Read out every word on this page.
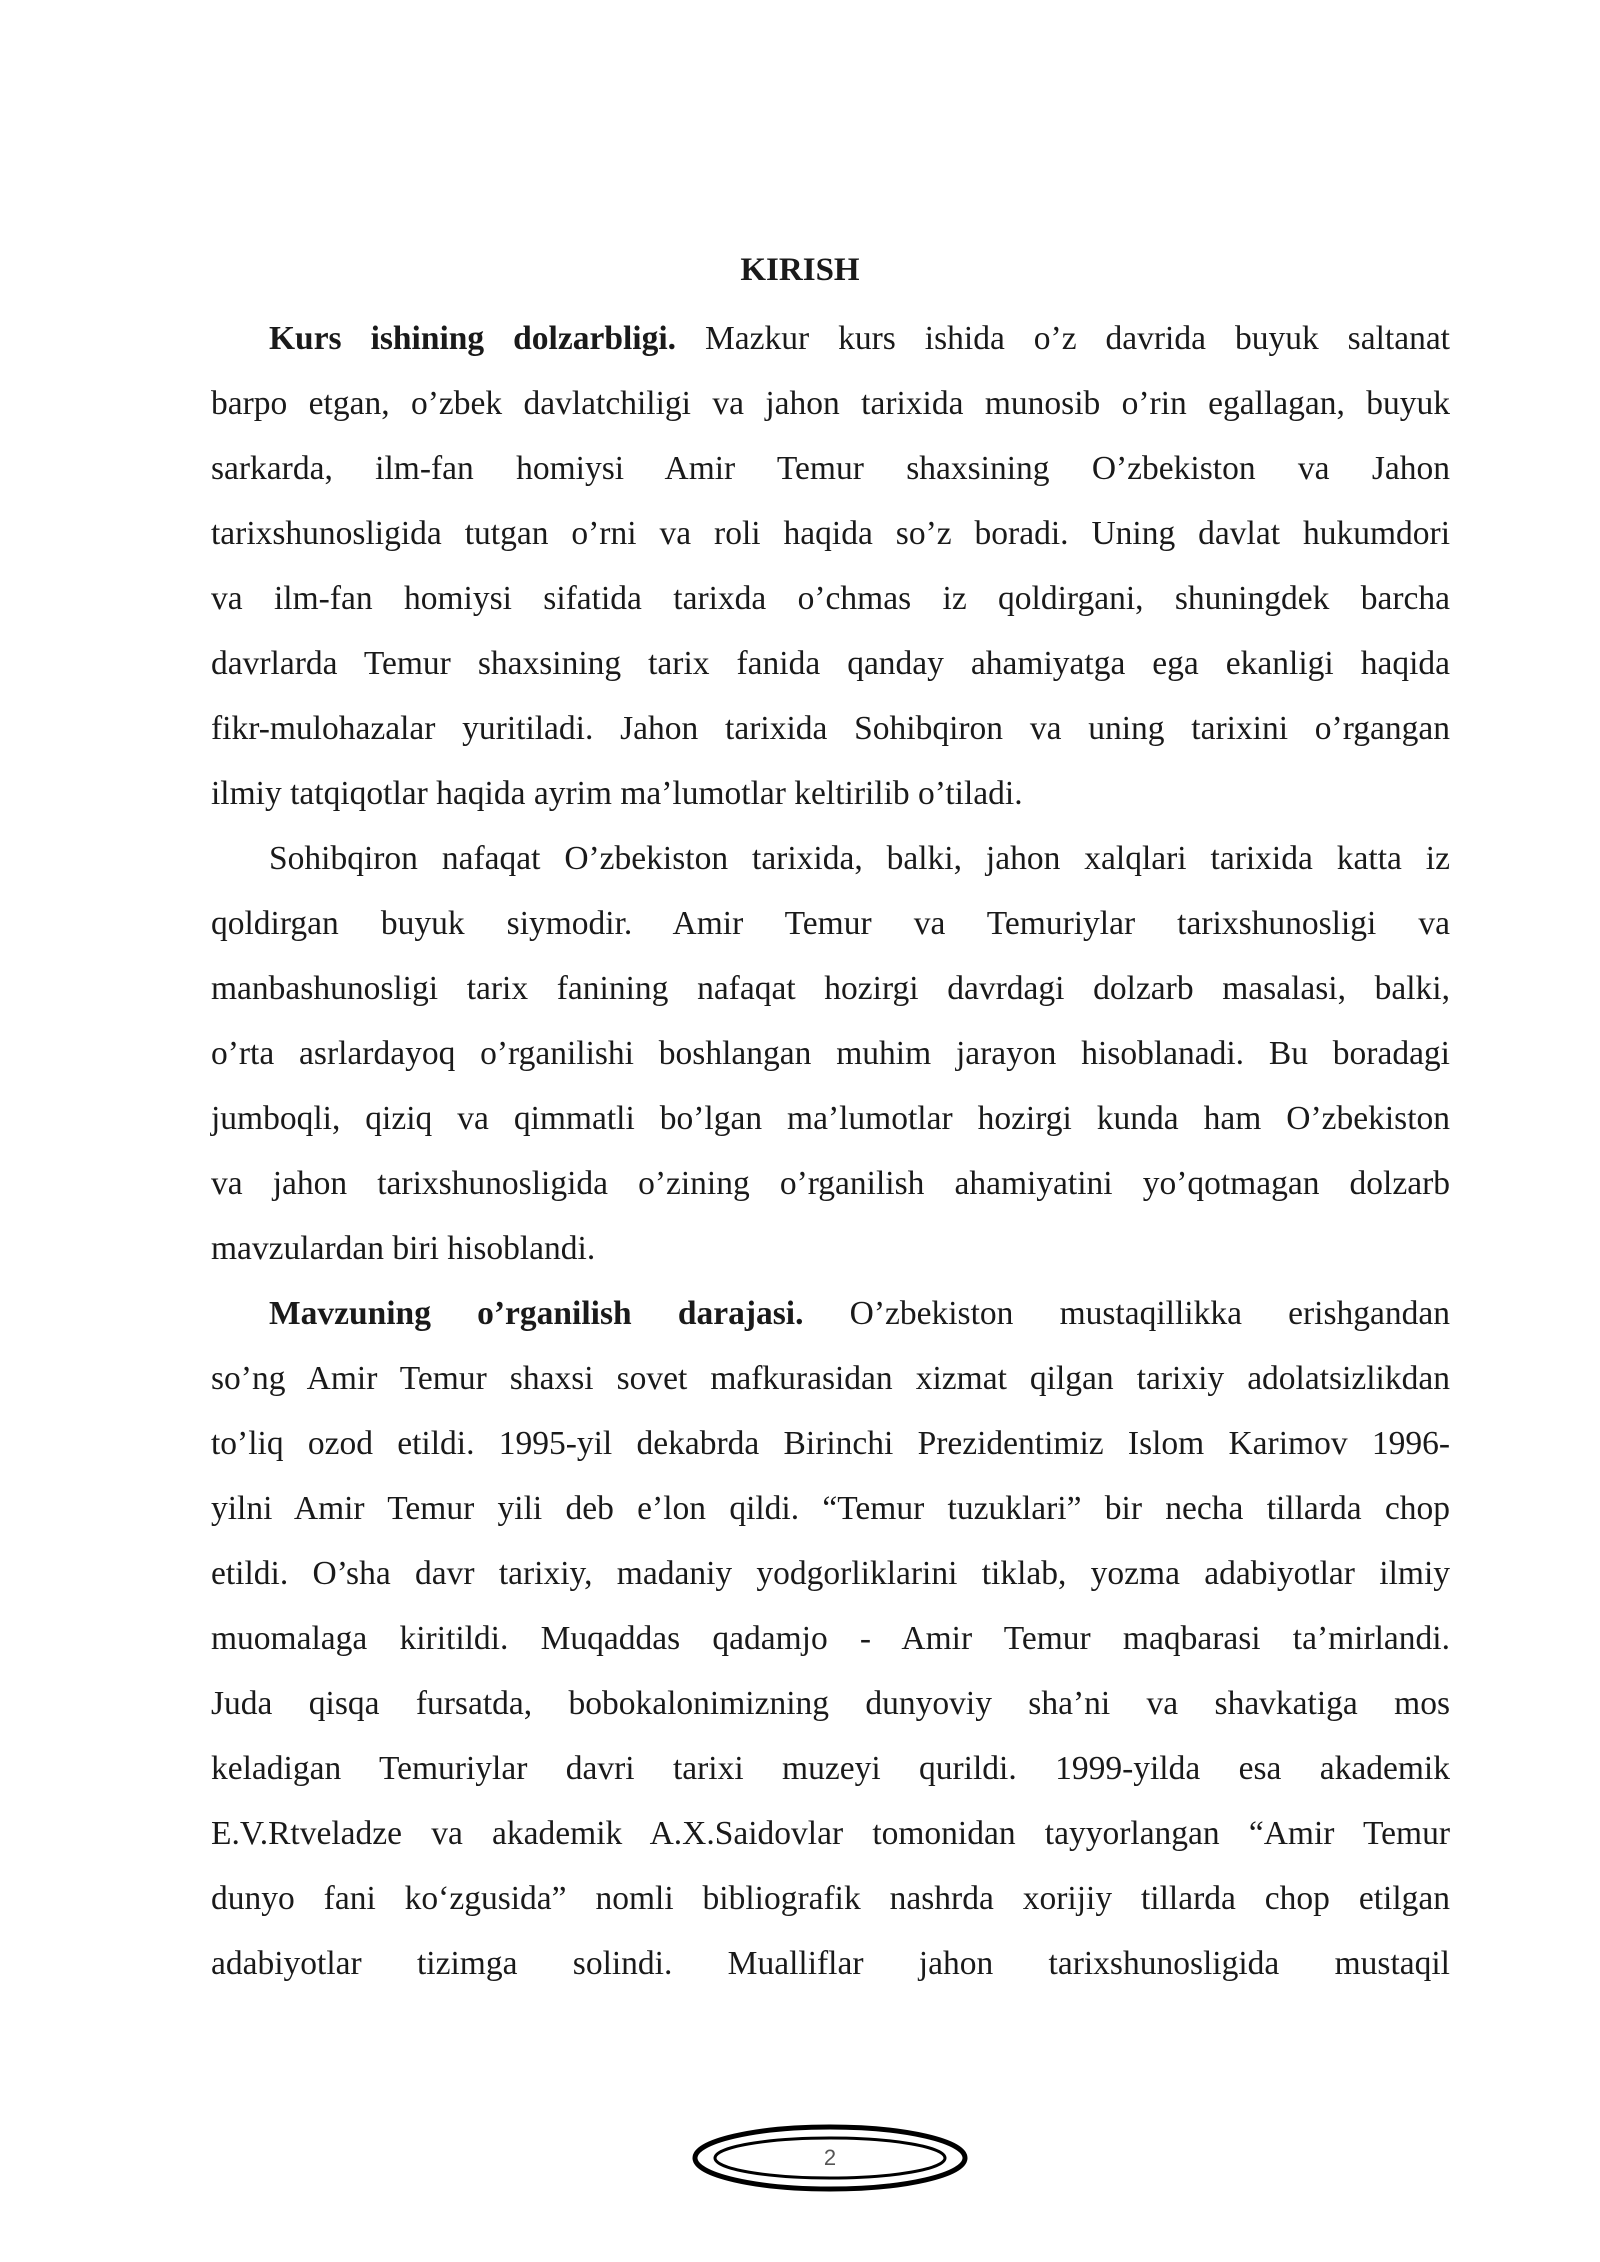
KIRISH
Kurs ishining dolzarbligi. Mazkur kurs ishida o’z davrida buyuk saltanat
barpo etgan, o’zbek davlatchiligi va jahon tarixida munosib o’rin egallagan, buyuk
sarkarda, ilm-fan homiysi Amir Temur shaxsining O’zbekiston va Jahon
tarixshunosligida tutgan o’rni va roli haqida so’z boradi. Uning davlat hukumdori
va ilm-fan homiysi sifatida tarixda o’chmas iz qoldirgani, shuningdek barcha
davrlarda Temur shaxsining tarix fanida qanday ahamiyatga ega ekanligi haqida
fikr-mulohazalar yuritiladi. Jahon tarixida Sohibqiron va uning tarixini o’rgangan
ilmiy tatqiqotlar haqida ayrim ma’lumotlar keltirilib o’tiladi.
Sohibqiron nafaqat O’zbekiston tarixida, balki, jahon xalqlari tarixida katta iz
qoldirgan buyuk siymodir. Amir Temur va Temuriylar tarixshunosligi va
manbashunosligi tarix fanining nafaqat hozirgi davrdagi dolzarb masalasi, balki,
o’rta asrlardayoq o’rganilishi boshlangan muhim jarayon hisoblanadi. Bu boradagi
jumboqli, qiziq va qimmatli bo’lgan ma’lumotlar hozirgi kunda ham O’zbekiston
va jahon tarixshunosligida o’zining o’rganilish ahamiyatini yo’qotmagan dolzarb
mavzulardan biri hisoblandi.
Mavzuning o’rganilish darajasi. O’zbekiston mustaqillikka erishgandan
so’ng Amir Temur shaxsi sovet mafkurasidan xizmat qilgan tarixiy adolatsizlikdan
to’liq ozod etildi. 1995-yil dekabrda Birinchi Prezidentimiz Islom Karimov 1996-
yilni Amir Temur yili deb e’lon qildi. “Temur tuzuklari” bir necha tillarda chop
etildi. O’sha davr tarixiy, madaniy yodgorliklarini tiklab, yozma adabiyotlar ilmiy
muomalaga kiritildi. Muqaddas qadamjo - Amir Temur maqbarasi ta’mirlandi.
Juda qisqa fursatda, bobokalonimizning dunyoviy sha’ni va shavkatiga mos
keladigan Temuriylar davri tarixi muzeyi qurildi. 1999-yilda esa akademik
E.V.Rtveladze va akademik A.X.Saidovlar tomonidan tayyorlangan “Amir Temur
dunyo fani ko‘zgusida” nomli bibliografik nashrda xorijiy tillarda chop etilgan
adabiyotlar tizimga solindi. Mualliflar jahon tarixshunosligida mustaqil
2
